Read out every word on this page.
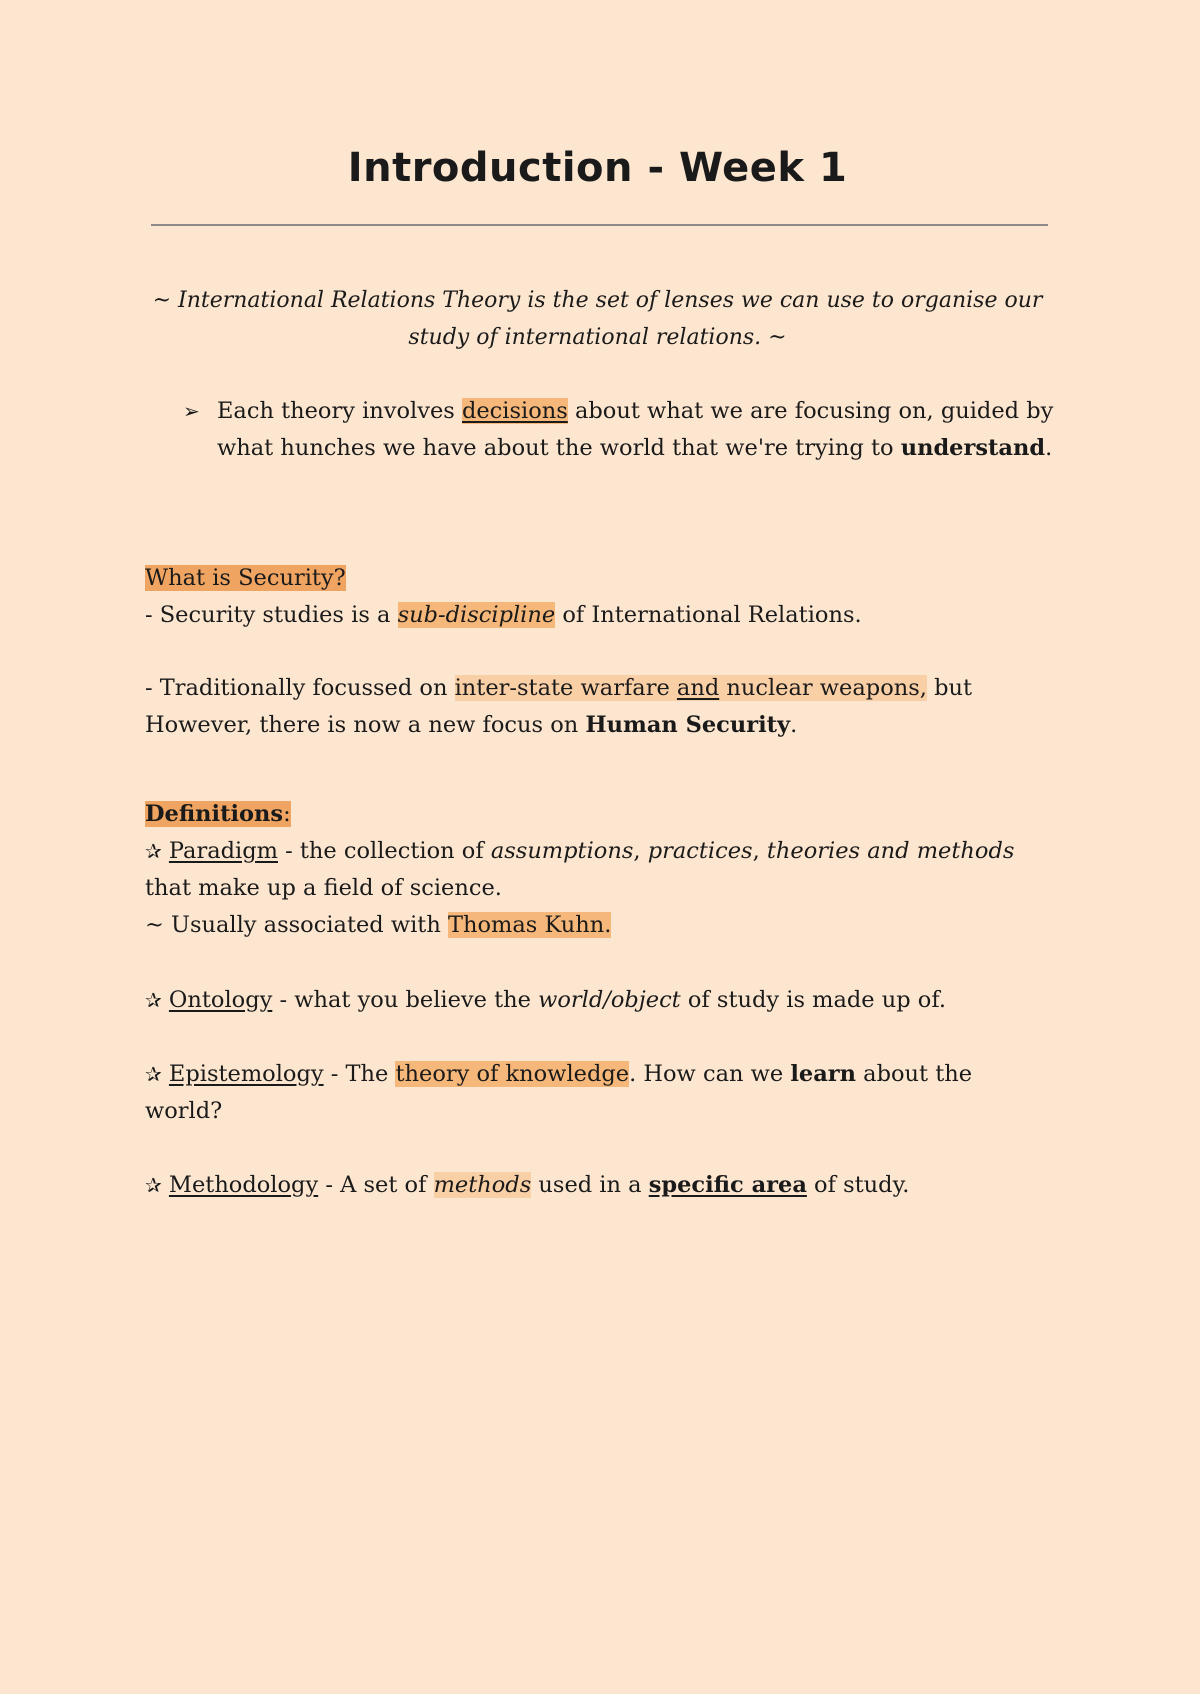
Introduction - Week 1

~ International Relations Theory is the set of lenses we can use to organise our study of international relations. ~

➢ Each theory involves decisions about what we are focusing on, guided by what hunches we have about the world that we're trying to understand.

What is Security?
- Security studies is a sub-discipline of International Relations.

- Traditionally focussed on inter-state warfare and nuclear weapons, but However, there is now a new focus on Human Security.

Definitions:
✰ Paradigm - the collection of assumptions, practices, theories and methods that make up a field of science.
~ Usually associated with Thomas Kuhn.

✰ Ontology - what you believe the world/object of study is made up of.

✰ Epistemology - The theory of knowledge. How can we learn about the world?

✰ Methodology - A set of methods used in a specific area of study.
